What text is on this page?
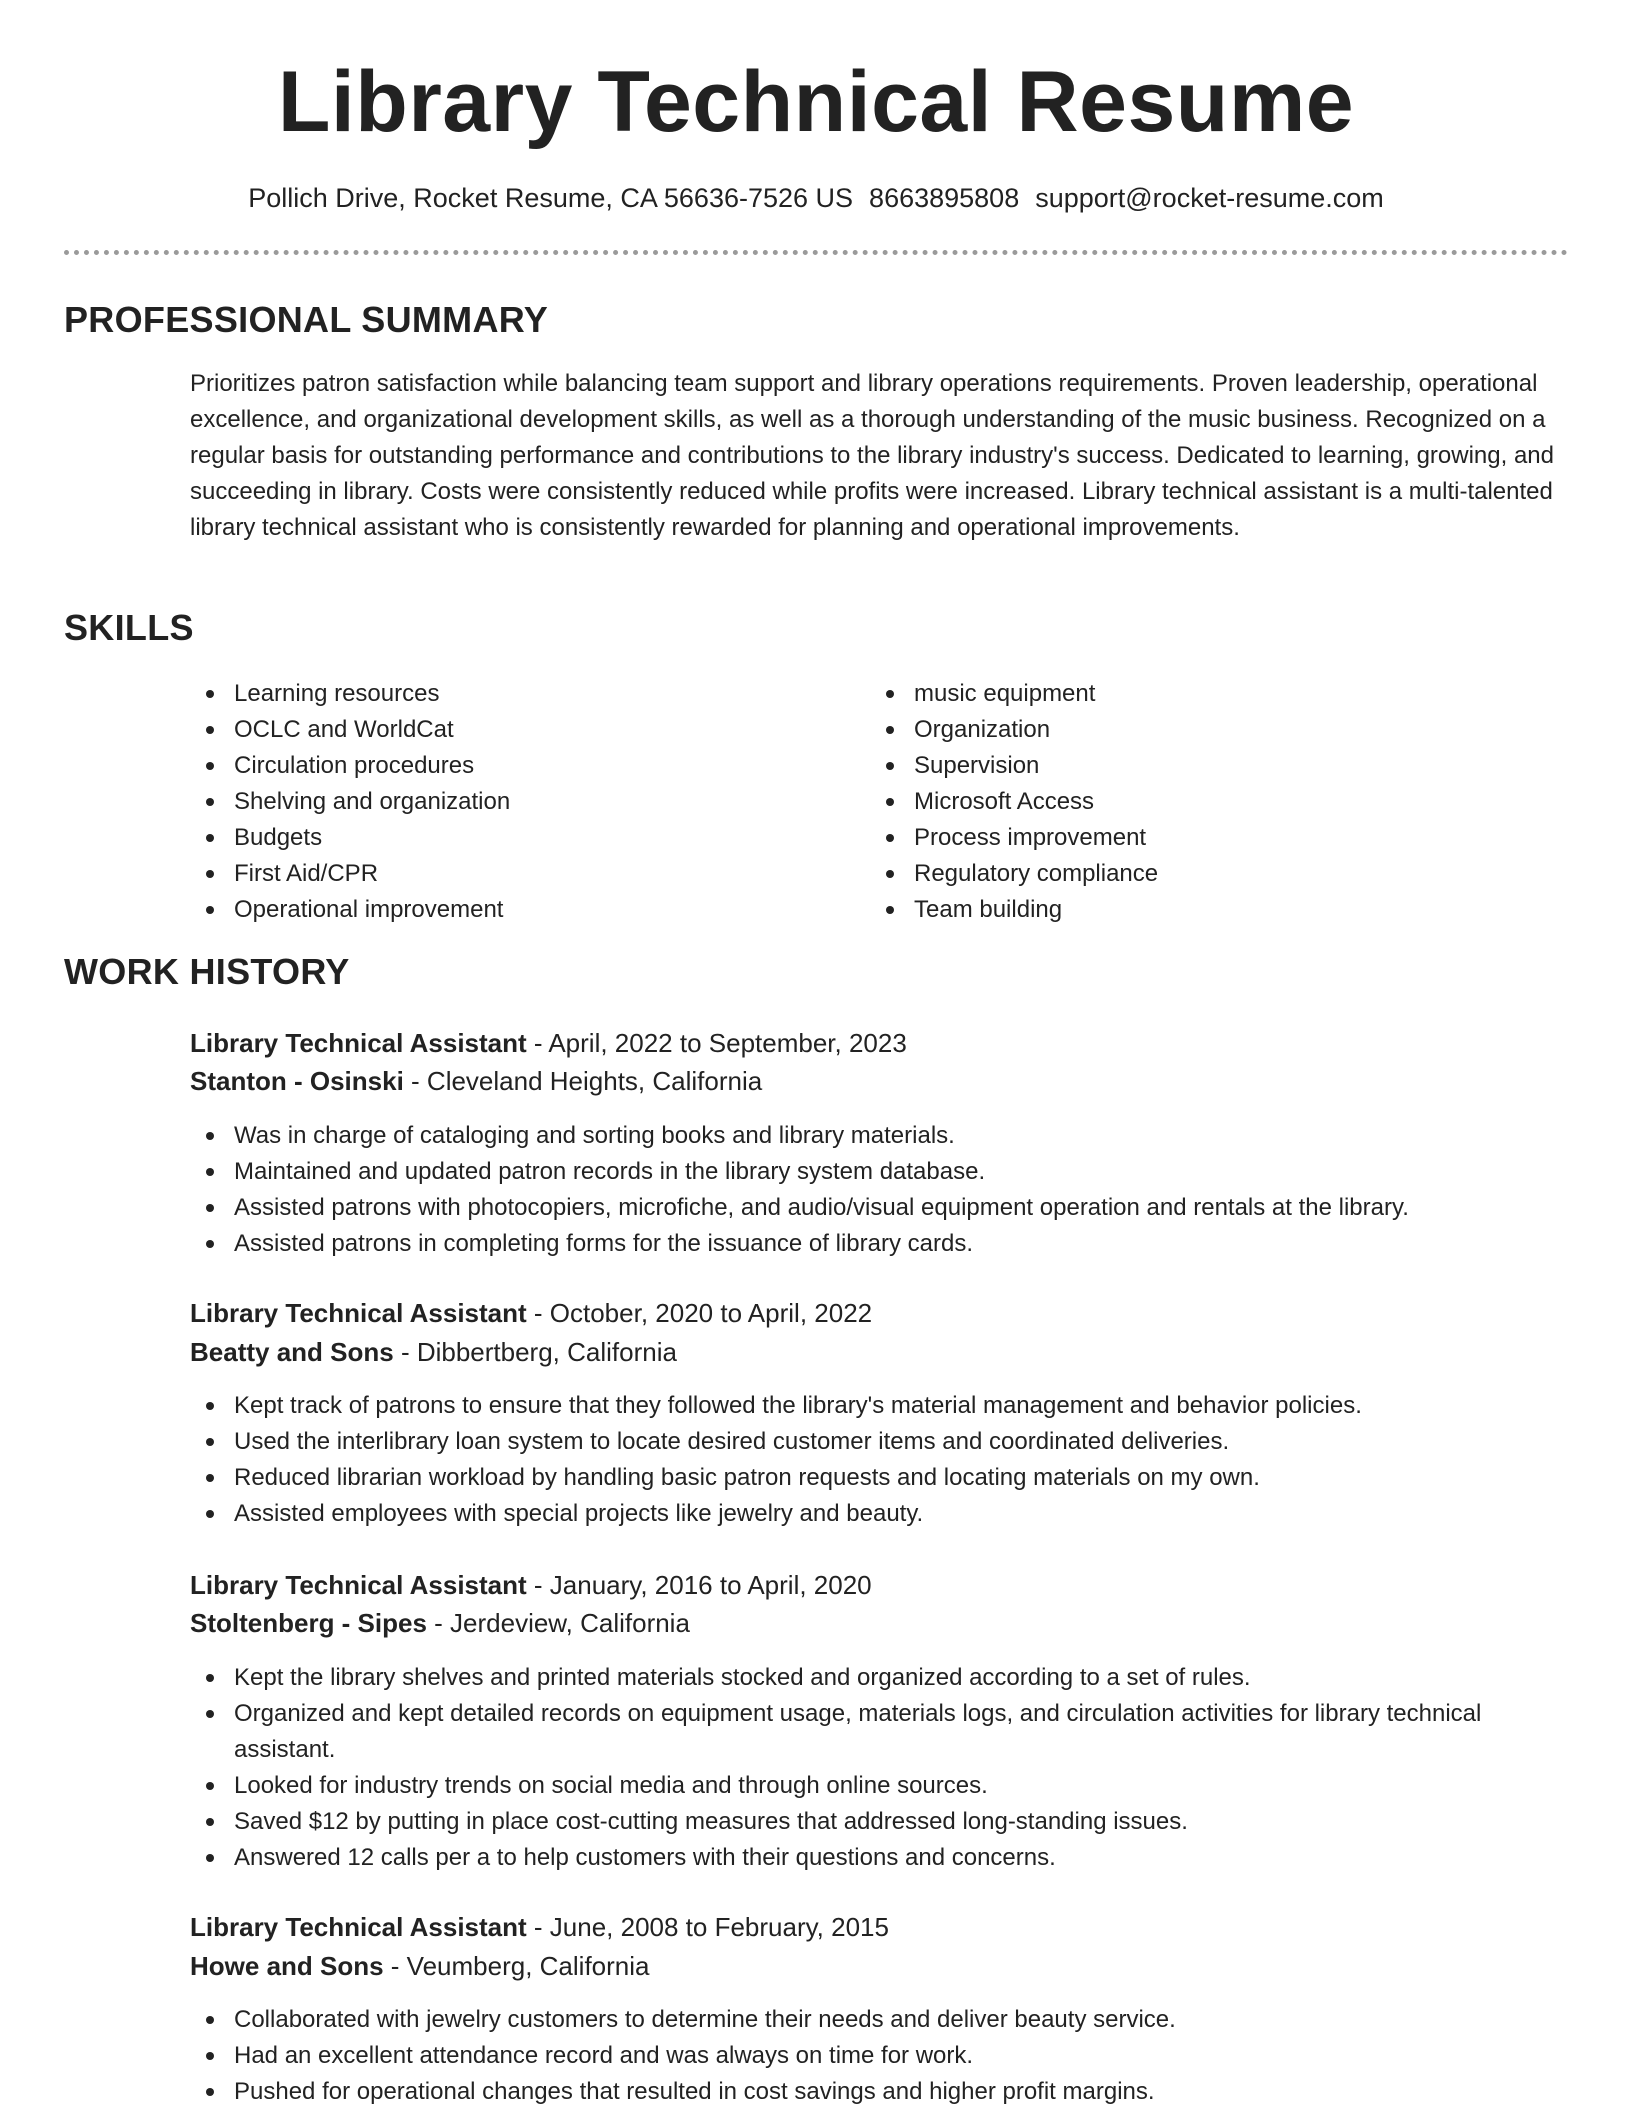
Library Technical Resume
Pollich Drive, Rocket Resume, CA 56636-7526 US 8663895808 support@rocket-resume.com
PROFESSIONAL SUMMARY
Prioritizes patron satisfaction while balancing team support and library operations requirements. Proven leadership, operational excellence, and organizational development skills, as well as a thorough understanding of the music business. Recognized on a regular basis for outstanding performance and contributions to the library industry's success. Dedicated to learning, growing, and succeeding in library. Costs were consistently reduced while profits were increased. Library technical assistant is a multi-talented library technical assistant who is consistently rewarded for planning and operational improvements.
SKILLS
Learning resources
OCLC and WorldCat
Circulation procedures
Shelving and organization
Budgets
First Aid/CPR
Operational improvement
music equipment
Organization
Supervision
Microsoft Access
Process improvement
Regulatory compliance
Team building
WORK HISTORY
Library Technical Assistant - April, 2022 to September, 2023
Stanton - Osinski - Cleveland Heights, California
Was in charge of cataloging and sorting books and library materials.
Maintained and updated patron records in the library system database.
Assisted patrons with photocopiers, microfiche, and audio/visual equipment operation and rentals at the library.
Assisted patrons in completing forms for the issuance of library cards.
Library Technical Assistant - October, 2020 to April, 2022
Beatty and Sons - Dibbertberg, California
Kept track of patrons to ensure that they followed the library's material management and behavior policies.
Used the interlibrary loan system to locate desired customer items and coordinated deliveries.
Reduced librarian workload by handling basic patron requests and locating materials on my own.
Assisted employees with special projects like jewelry and beauty.
Library Technical Assistant - January, 2016 to April, 2020
Stoltenberg - Sipes - Jerdeview, California
Kept the library shelves and printed materials stocked and organized according to a set of rules.
Organized and kept detailed records on equipment usage, materials logs, and circulation activities for library technical assistant.
Looked for industry trends on social media and through online sources.
Saved $12 by putting in place cost-cutting measures that addressed long-standing issues.
Answered 12 calls per a to help customers with their questions and concerns.
Library Technical Assistant - June, 2008 to February, 2015
Howe and Sons - Veumberg, California
Collaborated with jewelry customers to determine their needs and deliver beauty service.
Had an excellent attendance record and was always on time for work.
Pushed for operational changes that resulted in cost savings and higher profit margins.
